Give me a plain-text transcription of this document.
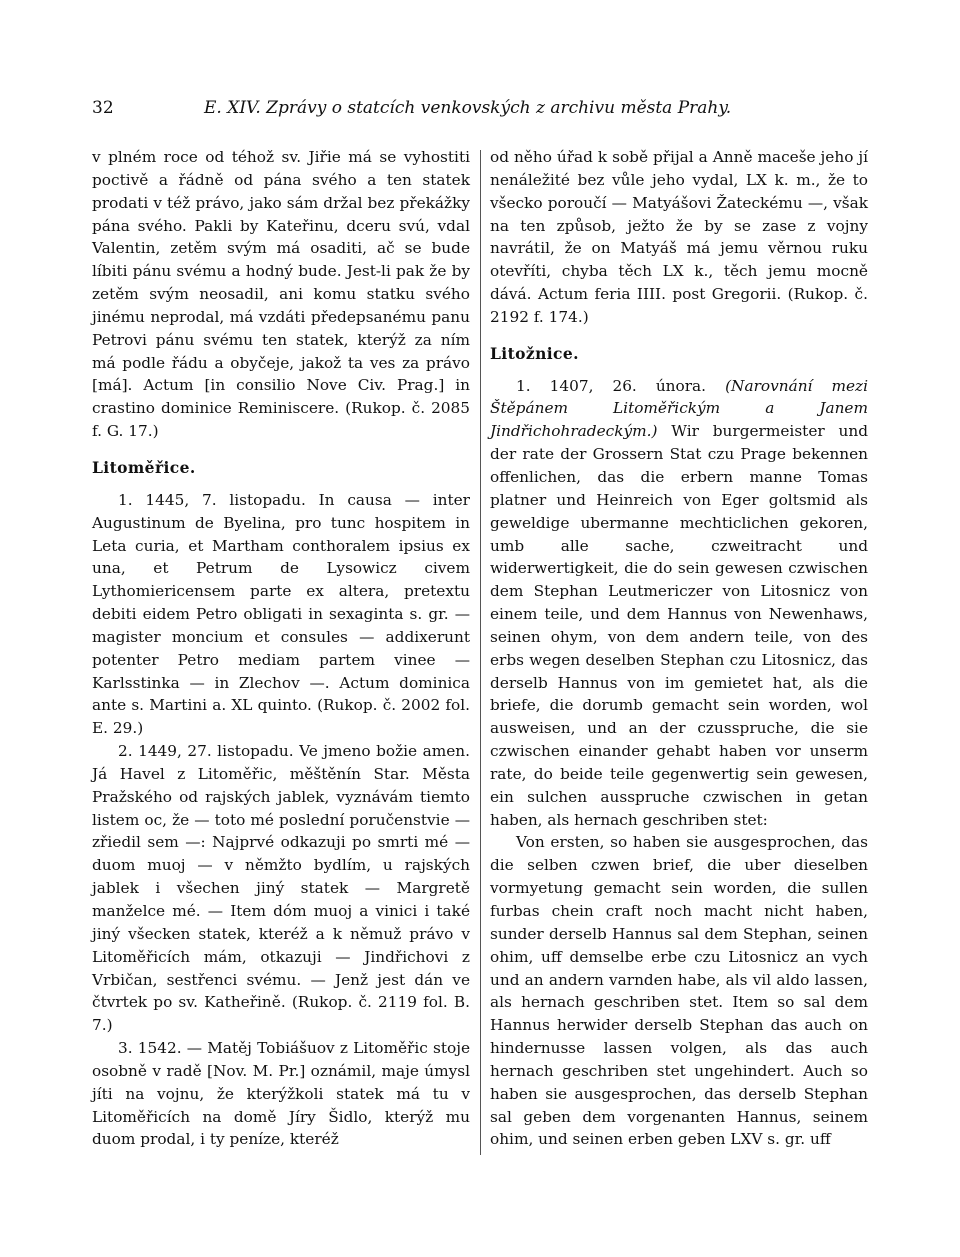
32	E. XIV. Zprávy o statcích venkovských z archivu města Prahy.

v plném roce od téhož sv. Jiřie má se vyhostiti poctivě a řádně od pána svého a ten statek prodati v též právo, jako sám držal bez překážky pána svého. Pakli by Kateřinu, dceru svú, vdal Valentin, zetěm svým má osaditi, ač se bude líbiti pánu svému a hodný bude. Jest-li pak že by zetěm svým neosadil, ani komu statku svého jinému neprodal, má vzdáti předepsanému panu Petrovi pánu svému ten statek, kterýž za ním má podle řádu a obyčeje, jakož ta ves za právo [má]. Actum [in consilio Nove Civ. Prag.] in crastino dominice Reminiscere. (Rukop. č. 2085 f. G. 17.)

Litoměřice.

1. 1445, 7. listopadu. In causa — inter Augustinum de Byelina, pro tunc hospitem in Leta curia, et Martham conthoralem ipsius ex una, et Petrum de Lysowicz civem Lythomiericensem parte ex altera, pretextu debiti eidem Petro obligati in sexaginta s. gr. — magister moncium et consules — addixerunt potenter Petro mediam partem vinee — Karlsstinka — in Zlechov —. Actum dominica ante s. Martini a. XL quinto. (Rukop. č. 2002 fol. E. 29.)

2. 1449, 27. listopadu. Ve jmeno božie amen. Já Havel z Litoměřic, měštěnín Star. Města Pražského od rajských jablek, vyznávám tiemto listem oc, že — toto mé poslední poručenstvie — zřiedil sem —: Najprvé odkazuji po smrti mé — duom muoj — v němžto bydlím, u rajských jablek i všechen jiný statek — Margretě manželce mé. — Item dóm muoj a vinici i také jiný všecken statek, kteréž a k němuž právo v Litoměřicích mám, otkazuji — Jindřichovi z Vrbičan, sestřenci svému. — Jenž jest dán ve čtvrtek po sv. Katheřině. (Rukop. č. 2119 fol. B. 7.)

3. 1542. — Matěj Tobiášuov z Litoměřic stoje osobně v radě [Nov. M. Pr.] oznámil, maje úmysl jíti na vojnu, že kterýžkoli statek má tu v Litoměřicích na domě Jíry Šidlo, kterýž mu duom prodal, i ty peníze, kteréž

od něho úřad k sobě přijal a Anně maceše jeho jí nenáležité bez vůle jeho vydal, LX k. m., že to všecko poroučí — Matyášovi Žateckému —, však na ten způsob, ježto že by se zase z vojny navrátil, že on Matyáš má jemu věrnou ruku otevříti, chyba těch LX k., těch jemu mocně dává. Actum feria IIII. post Gregorii. (Rukop. č. 2192 f. 174.)

Litožnice.

1. 1407, 26. února. (Narovnání mezi Štěpánem Litoměřickým a Janem Jindřichohradeckým.) Wir burgermeister und der rate der Grossern Stat czu Prage bekennen offenlichen, das die erbern manne Tomas platner und Heinreich von Eger goltsmid als geweldige ubermanne mechticlichen gekoren, umb alle sache, czweitracht und widerwertigkeit, die do sein gewesen czwischen dem Stephan Leutmericzer von Litosnicz von einem teile, und dem Hannus von Newenhaws, seinen ohym, von dem andern teile, von des erbs wegen deselben Stephan czu Litosnicz, das derselb Hannus von im gemietet hat, als die briefe, die dorumb gemacht sein worden, wol ausweisen, und an der czusspruche, die sie czwischen einander gehabt haben vor unserm rate, do beide teile gegenwertig sein gewesen, ein sulchen ausspruche czwischen in getan haben, als hernach geschriben stet:

Von ersten, so haben sie ausgesprochen, das die selben czwen brief, die uber dieselben vormyetung gemacht sein worden, die sullen furbas chein craft noch macht nicht haben, sunder derselb Hannus sal dem Stephan, seinen ohim, uff demselbe erbe czu Litosnicz an vych und an andern varnden habe, als vil aldo lassen, als hernach geschriben stet. Item so sal dem Hannus herwider derselb Stephan das auch on hindernusse lassen volgen, als das auch hernach geschriben stet ungehindert. Auch so haben sie ausgesprochen, das derselb Stephan sal geben dem vorgenanten Hannus, seinem ohim, und seinen erben geben LXV s. gr. uff
